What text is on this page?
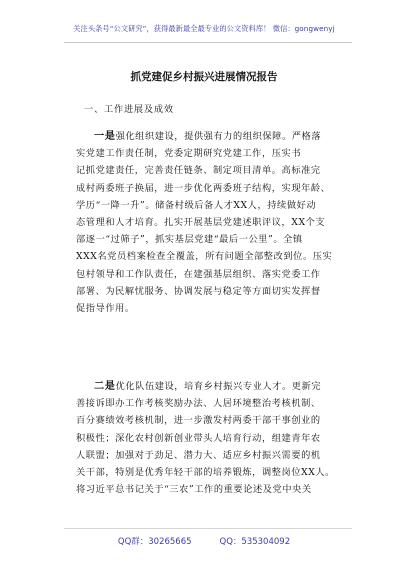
关注头条号“公文研究”，获得最新最全最专业的公文资料库！ 微信：gongwenyj
抓党建促乡村振兴进展情况报告
一、工作进展及成效
一是强化组织建设，提供强有力的组织保障。严格落
实党建工作责任制，党委定期研究党建工作，压实书
记抓党建责任，完善责任链条、制定项目清单。高标准完
成村两委班子换届，进一步优化两委班子结构，实现年龄、
学历“一降一升”。储备村级后备人才XX人，持续做好动
态管理和人才培育。扎实开展基层党建述职评议，XX个支
部逐一“过筛子”，抓实基层党建“最后一公里”。全镇
XXX名党员档案检查全覆盖，所有问题全部整改到位。压实
包村领导和工作队责任，在建强基层组织、落实党委工作
部署、为民解忧服务、协调发展与稳定等方面切实发挥督
促指导作用。
二是优化队伍建设，培育乡村振兴专业人才。更新完
善接诉即办工作考核奖励办法、人居环境整治考核机制、
百分赛绩效考核机制，进一步激发村两委干部干事创业的
积极性；深化农村创新创业带头人培育行动，组建青年农
人联盟；加强对于劲足、潜力大、适应乡村振兴需要的机
关干部，特别是优秀年轻干部的培养锻炼，调整岗位XX人。
将习近平总书记关于“三农”工作的重要论述及党中央关
QQ群：30265665	QQ：535304092
